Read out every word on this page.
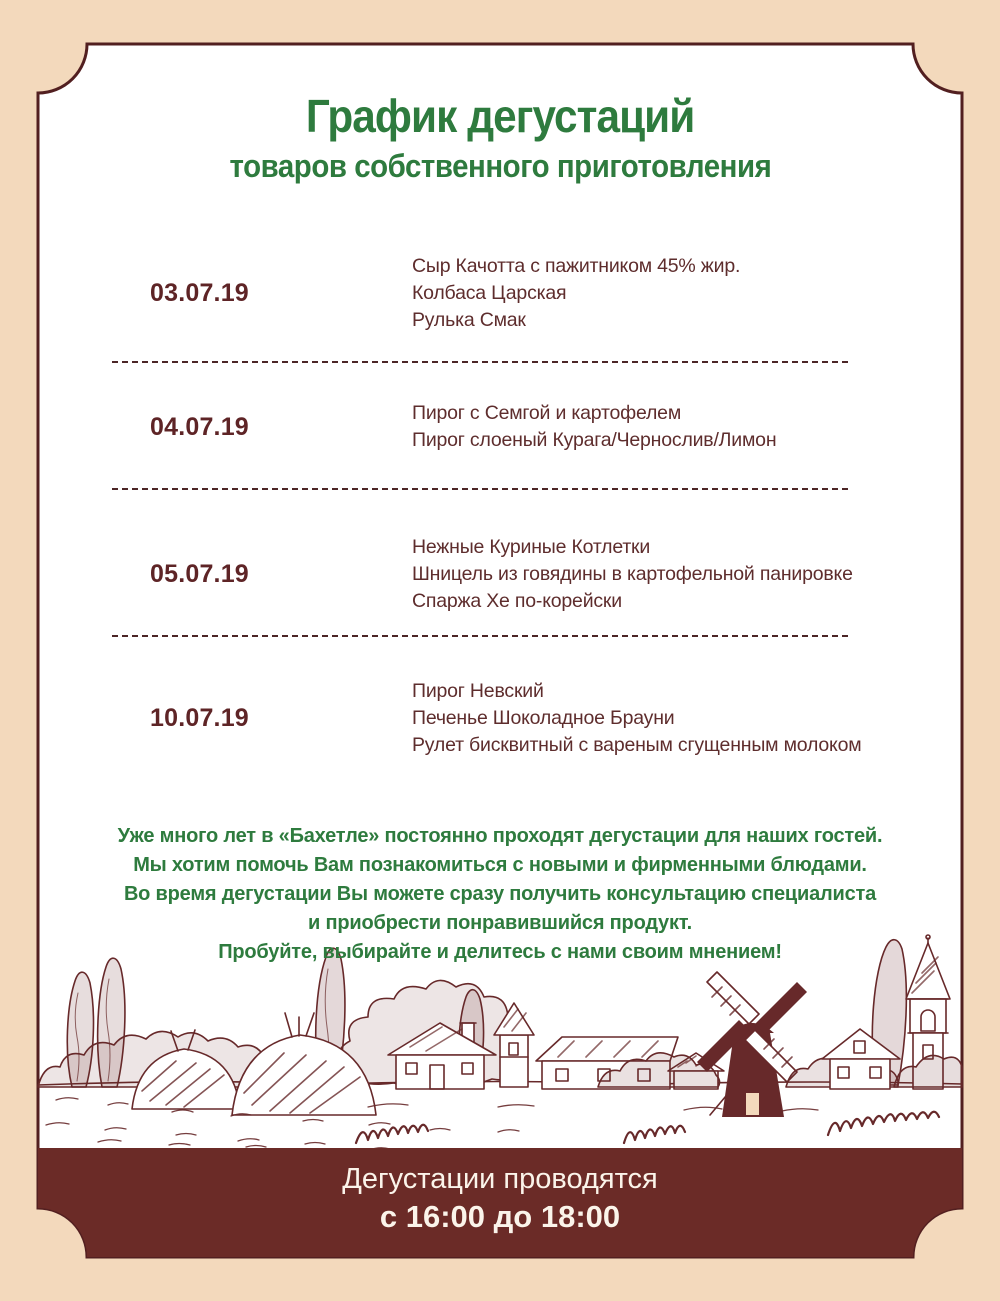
График дегустаций
товаров собственного приготовления
03.07.19
Сыр Качотта с пажитником 45% жир.
Колбаса Царская
Рулька Смак
04.07.19	Пирог с Семгой и картофелем
Пирог слоеный Курага/Чернослив/Лимон
05.07.19
Нежные Куриные Котлетки
Шницель из говядины в картофельной панировке
Спаржа Хе по-корейски
10.07.19
Пирог Невский
Печенье Шоколадное Брауни
Рулет бисквитный с вареным сгущенным молоком
Уже много лет в «Бахетле» постоянно проходят дегустации для наших гостей.
Мы хотим помочь Вам познакомиться с новыми и фирменными блюдами.
Во время дегустации Вы можете сразу получить консультацию специалиста
и приобрести понравившийся продукт.
Пробуйте, выбирайте и делитесь с нами своим мнением!
Дегустации проводятся
с 16:00 до 18:00
